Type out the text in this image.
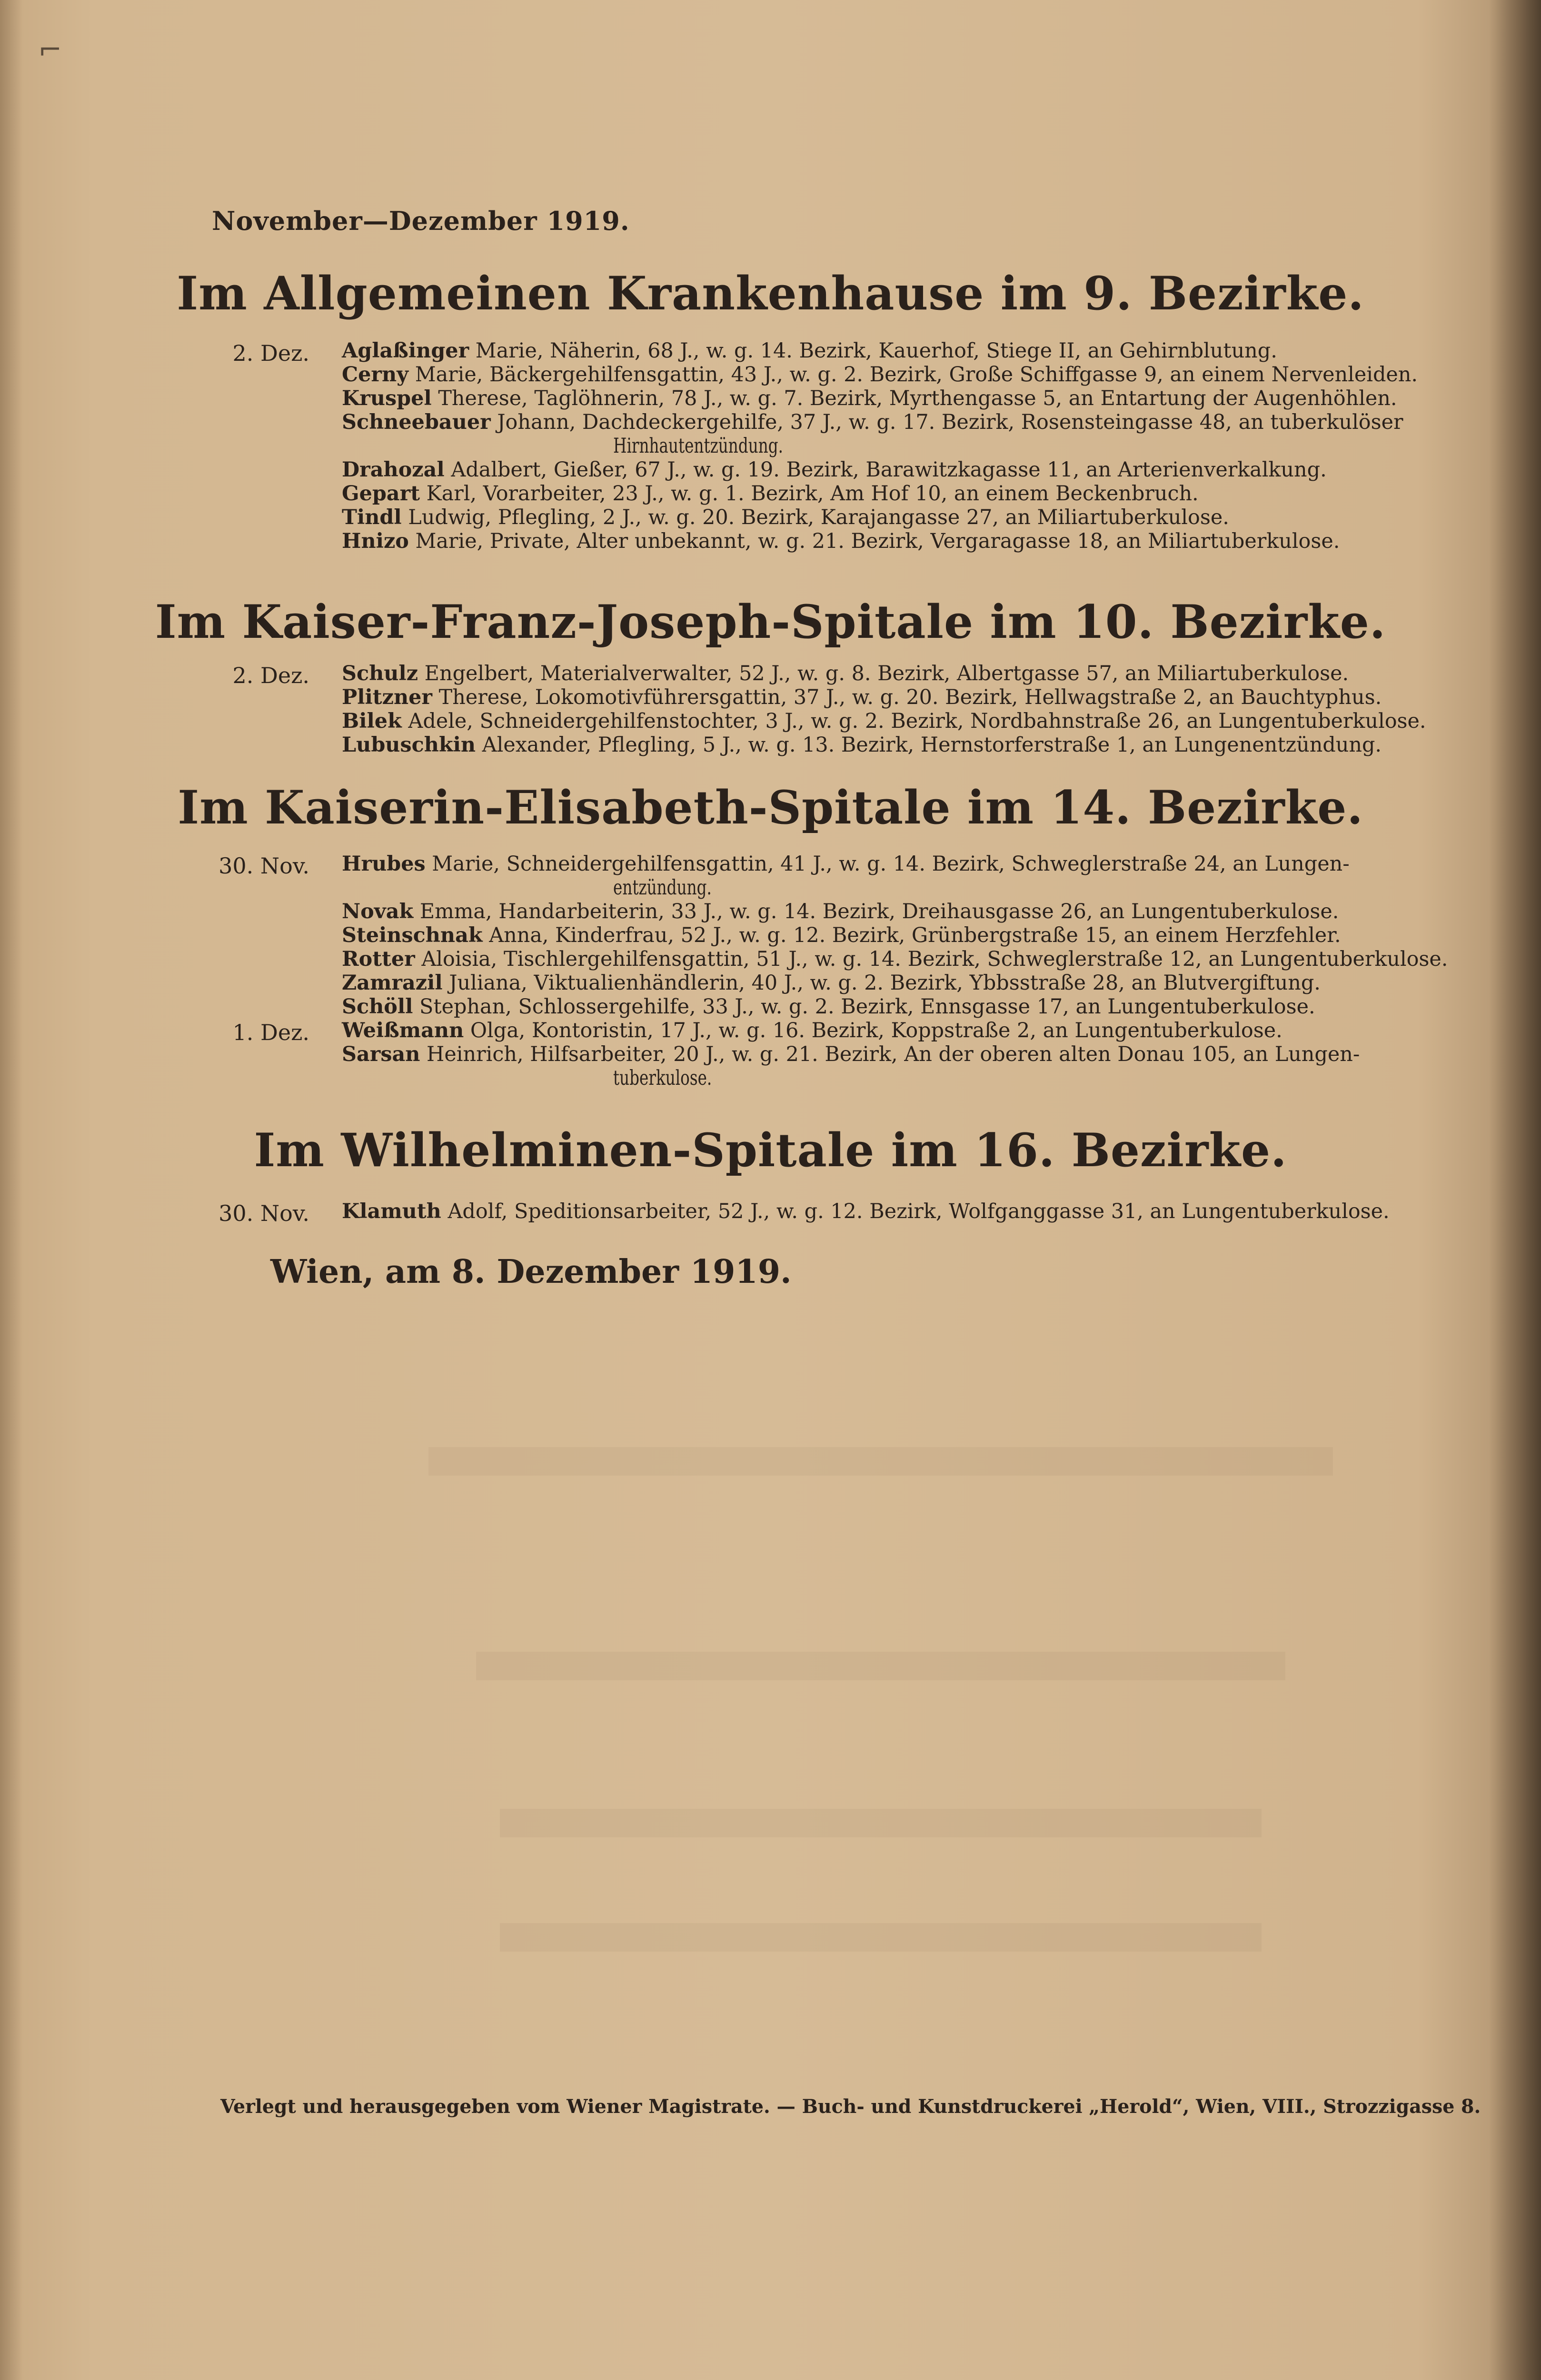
⌐
November—Dezember 1919.
Im Allgemeinen Krankenhause im 9. Bezirke.
2. Dez. Aglaßinger Marie, Näherin, 68 J., w. g. 14. Bezirk, Kauerhof, Stiege II, an Gehirnblutung.
Cerny Marie, Bäckergehilfensgattin, 43 J., w. g. 2. Bezirk, Große Schiffgasse 9, an einem Nervenleiden.
Kruspel Therese, Taglöhnerin, 78 J., w. g. 7. Bezirk, Myrthengasse 5, an Entartung der Augenhöhlen.
Schneebauer Johann, Dachdeckergehilfe, 37 J., w. g. 17. Bezirk, Rosensteingasse 48, an tuberkulöser
Hirnhautentzündung.
Drahozal Adalbert, Gießer, 67 J., w. g. 19. Bezirk, Barawitzkagasse 11, an Arterienverkalkung.
Gepart Karl, Vorarbeiter, 23 J., w. g. 1. Bezirk, Am Hof 10, an einem Beckenbruch.
Tindl Ludwig, Pflegling, 2 J., w. g. 20. Bezirk, Karajangasse 27, an Miliartuberkulose.
Hnizo Marie, Private, Alter unbekannt, w. g. 21. Bezirk, Vergaragasse 18, an Miliartuberkulose.
Im Kaiser-Franz-Joseph-Spitale im 10. Bezirke.
2. Dez. Schulz Engelbert, Materialverwalter, 52 J., w. g. 8. Bezirk, Albertgasse 57, an Miliartuberkulose.
Plitzner Therese, Lokomotivführersgattin, 37 J., w. g. 20. Bezirk, Hellwagstraße 2, an Bauchtyphus.
Bilek Adele, Schneidergehilfenstochter, 3 J., w. g. 2. Bezirk, Nordbahnstraße 26, an Lungentuberkulose.
Lubuschkin Alexander, Pflegling, 5 J., w. g. 13. Bezirk, Hernstorferstraße 1, an Lungenentzündung.
Im Kaiserin-Elisabeth-Spitale im 14. Bezirke.
30. Nov. Hrubes Marie, Schneidergehilfensgattin, 41 J., w. g. 14. Bezirk, Schweglerstraße 24, an Lungen-
entzündung.
Novak Emma, Handarbeiterin, 33 J., w. g. 14. Bezirk, Dreihausgasse 26, an Lungentuberkulose.
Steinschnak Anna, Kinderfrau, 52 J., w. g. 12. Bezirk, Grünbergstraße 15, an einem Herzfehler.
Rotter Aloisia, Tischlergehilfensgattin, 51 J., w. g. 14. Bezirk, Schweglerstraße 12, an Lungentuberkulose.
Zamrazil Juliana, Viktualienhändlerin, 40 J., w. g. 2. Bezirk, Ybbsstraße 28, an Blutvergiftung.
Schöll Stephan, Schlossergehilfe, 33 J., w. g. 2. Bezirk, Ennsgasse 17, an Lungentuberkulose.
1. Dez. Weißmann Olga, Kontoristin, 17 J., w. g. 16. Bezirk, Koppstraße 2, an Lungentuberkulose.
Sarsan Heinrich, Hilfsarbeiter, 20 J., w. g. 21. Bezirk, An der oberen alten Donau 105, an Lungen-
tuberkulose.
Im Wilhelminen-Spitale im 16. Bezirke.
30. Nov. Klamuth Adolf, Speditionsarbeiter, 52 J., w. g. 12. Bezirk, Wolfganggasse 31, an Lungentuberkulose.
Wien, am 8. Dezember 1919.
Verlegt und herausgegeben vom Wiener Magistrate. — Buch- und Kunstdruckerei „Herold“, Wien, VIII., Strozzigasse 8.
